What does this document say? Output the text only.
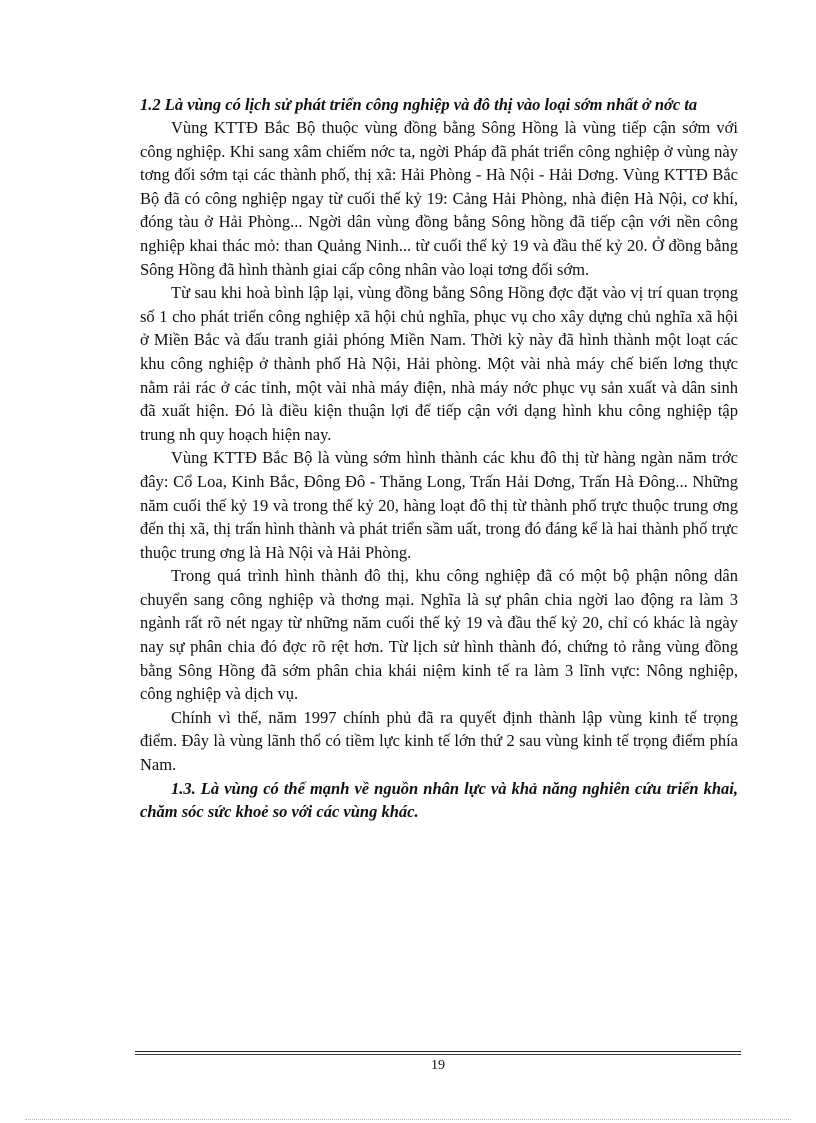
1.2 Là vùng có lịch sử phát triển công nghiệp và đô thị vào loại sớm nhất ở nớc ta

Vùng KTTĐ Bắc Bộ thuộc vùng đồng bằng Sông Hồng là vùng tiếp cận sớm với công nghiệp. Khi sang xâm chiếm nớc ta, ngời Pháp đã phát triển công nghiệp ở vùng này tơng đối sớm tại các thành phố, thị xã: Hải Phòng - Hà Nội - Hải Dơng. Vùng KTTĐ Bắc Bộ đã có công nghiệp ngay từ cuối thế kỷ 19: Cảng Hải Phòng, nhà điện Hà Nội, cơ khí, đóng tàu ở Hải Phòng... Ngời dân vùng đồng bằng Sông hồng đã tiếp cận với nền công nghiệp khai thác mỏ: than Quảng Ninh... từ cuối thế kỷ 19 và đầu thế kỷ 20. Ở đồng bằng Sông Hồng đã hình thành giai cấp công nhân vào loại tơng đối sớm.

Từ sau khi hoà bình lập lại, vùng đồng bằng Sông Hồng đợc đặt vào vị trí quan trọng số 1 cho phát triển công nghiệp xã hội chủ nghĩa, phục vụ cho xây dựng chủ nghĩa xã hội ở Miền Bắc và đấu tranh giải phóng Miền Nam. Thời kỳ này đã hình thành một loạt các khu công nghiệp ở thành phố Hà Nội, Hải phòng. Một vài nhà máy chế biến lơng thực nằm rải rác ở các tỉnh, một vài nhà máy điện, nhà máy nớc phục vụ sản xuất và dân sinh đã xuất hiện. Đó là điều kiện thuận lợi để tiếp cận với dạng hình khu công nghiệp tập trung nh quy hoạch hiện nay.

Vùng KTTĐ Bắc Bộ là vùng sớm hình thành các khu đô thị từ hàng ngàn năm trớc đây: Cổ Loa, Kinh Bắc, Đông Đô - Thăng Long, Trấn Hải Dơng, Trấn Hà Đông... Những năm cuối thế kỷ 19 và trong thế kỷ 20, hàng loạt đô thị từ thành phố trực thuộc trung ơng đến thị xã, thị trấn hình thành và phát triển sầm uất, trong đó đáng kể là hai thành phố trực thuộc trung ơng là Hà Nội và Hải Phòng.

Trong quá trình hình thành đô thị, khu công nghiệp đã có một bộ phận nông dân chuyển sang công nghiệp và thơng mại. Nghĩa là sự phân chia ngời lao động ra làm 3 ngành rất rõ nét ngay từ những năm cuối thế kỷ 19 và đầu thế kỷ 20, chỉ có khác là ngày nay sự phân chia đó đợc rõ rệt hơn. Từ lịch sử hình thành đó, chứng tỏ rằng vùng đồng bằng Sông Hồng đã sớm phân chia khái niệm kinh tế ra làm 3 lĩnh vực: Nông nghiệp, công nghiệp và dịch vụ.

Chính vì thế, năm 1997 chính phủ đã ra quyết định thành lập vùng kinh tế trọng điểm. Đây là vùng lãnh thổ có tiềm lực kinh tế lớn thứ 2 sau vùng kinh tế trọng điểm phía Nam.

1.3. Là vùng có thế mạnh về nguồn nhân lực và khả năng nghiên cứu triển khai, chăm sóc sức khoẻ so với các vùng khác.

19
